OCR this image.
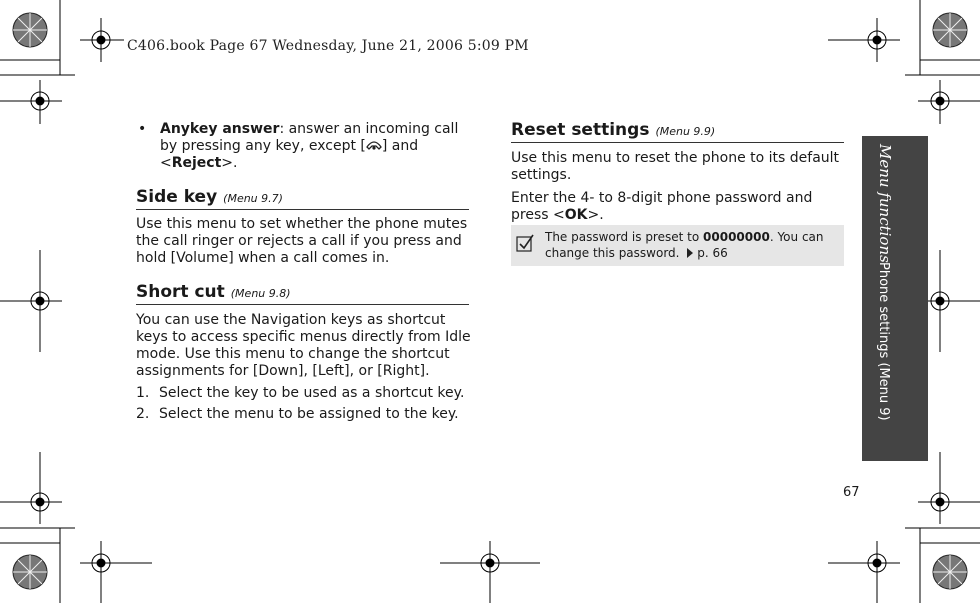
C406.book Page 67 Wednesday, June 21, 2006 5:09 PM
• Anykey answer: answer an incoming call
by pressing any key, except [ ] and
<Reject>.
Side key (Menu 9.7)
Use this menu to set whether the phone mutes
the call ringer or rejects a call if you press and
hold [Volume] when a call comes in.
Short cut (Menu 9.8)
You can use the Navigation keys as shortcut
keys to access specific menus directly from Idle
mode. Use this menu to change the shortcut
assignments for [Down], [Left], or [Right].
1. Select the key to be used as a shortcut key.
2. Select the menu to be assigned to the key.
Reset settings (Menu 9.9)
Use this menu to reset the phone to its default
settings.
Enter the 4- to 8-digit phone password and
press <OK>.
The password is preset to 00000000. You can
change this password. p. 66	Menu functions
Phone settings (Menu 9)
67
